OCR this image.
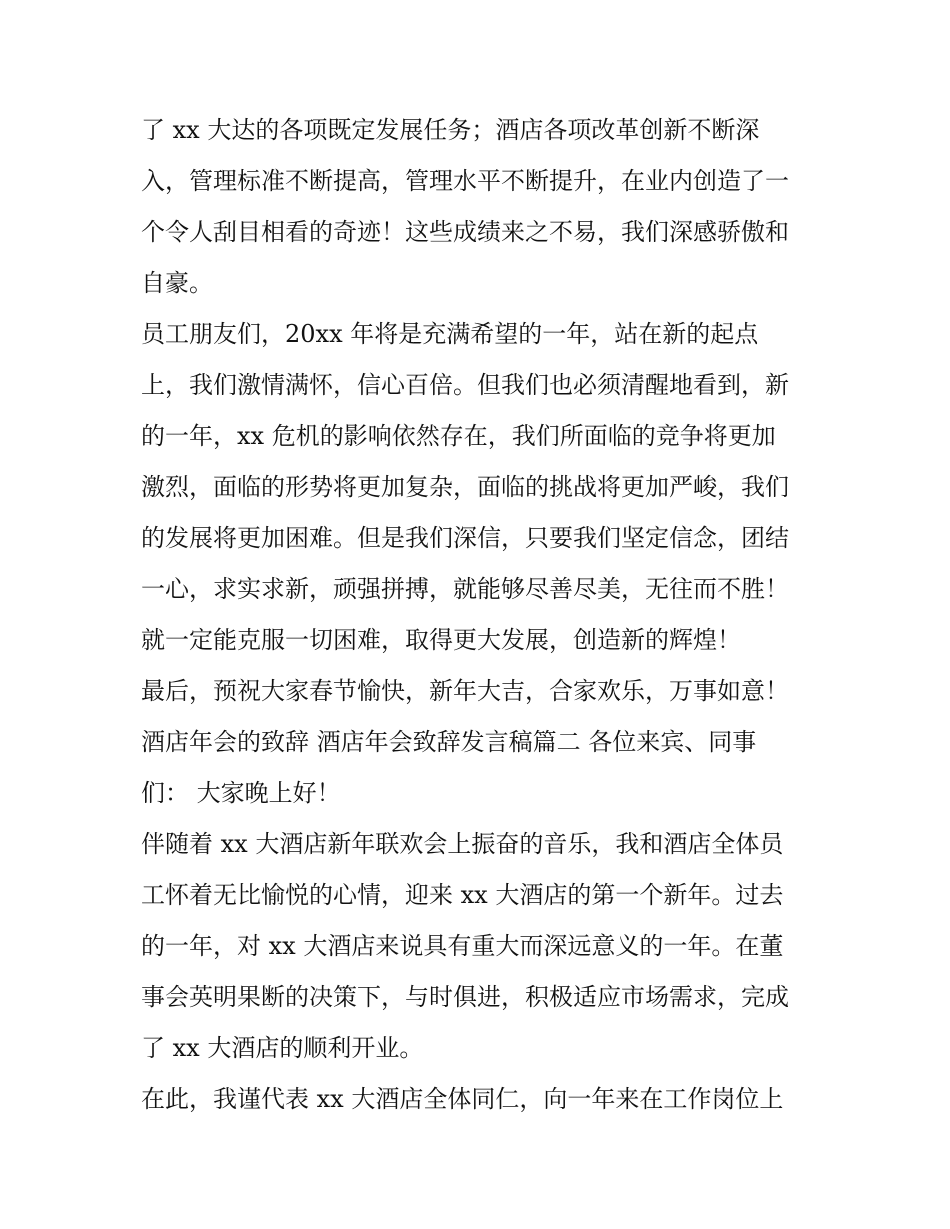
了 xx 大达的各项既定发展任务；酒店各项改革创新不断深
入，管理标准不断提高，管理水平不断提升，在业内创造了一
个令人刮目相看的奇迹！这些成绩来之不易，我们深感骄傲和
自豪。
员工朋友们，20xx 年将是充满希望的一年，站在新的起点
上，我们激情满怀，信心百倍。但我们也必须清醒地看到，新
的一年，xx 危机的影响依然存在，我们所面临的竞争将更加
激烈，面临的形势将更加复杂，面临的挑战将更加严峻，我们
的发展将更加困难。但是我们深信，只要我们坚定信念，团结
一心，求实求新，顽强拼搏，就能够尽善尽美，无往而不胜！
就一定能克服一切困难，取得更大发展，创造新的辉煌！
最后，预祝大家春节愉快，新年大吉，合家欢乐，万事如意！
酒店年会的致辞 酒店年会致辞发言稿篇二 各位来宾、同事
们： 大家晚上好！
伴随着 xx 大酒店新年联欢会上振奋的音乐，我和酒店全体员
工怀着无比愉悦的心情，迎来 xx 大酒店的第一个新年。过去
的一年，对 xx 大酒店来说具有重大而深远意义的一年。在董
事会英明果断的决策下，与时俱进，积极适应市场需求，完成
了 xx 大酒店的顺利开业。
在此，我谨代表 xx 大酒店全体同仁，向一年来在工作岗位上
